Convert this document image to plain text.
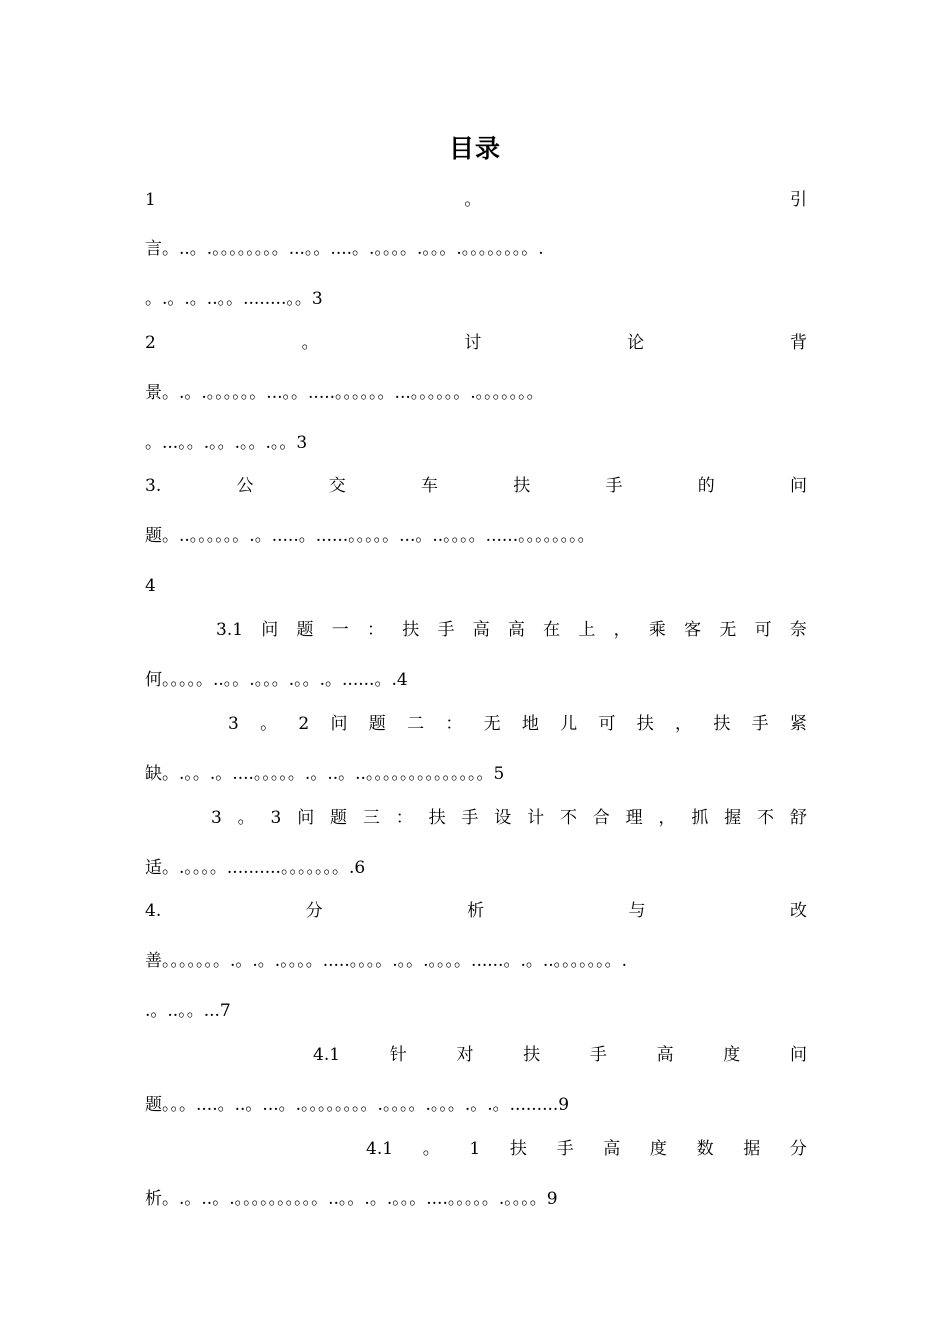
目录
1	。	引
言。..。.。。。。。。。。...。。....。.。。。。.。。。.。。。。。。。。.
。.。.。..。。........。。3
2	。	讨	论	背
景。.。.。。。。。。...。。.....。。。。。。...。。。。。。.。。。。。。。
。...。。.。。.。。.。。3
3.	公	交	车	扶	手	的	问
题。..。。。。。。.。.....。......。。。。。...。..。。。。......。。。。。。。。
4
3.1 问 题 一 ： 扶 手 高 高 在 上 ， 乘 客 无 可 奈
何。。。。。..。。.。。。.。。.。......。.4
3 。 2 问 题 二 ： 无 地 儿 可 扶 ， 扶 手 紧
缺。.。。.。....。。。。。.。..。..。。。。。。。。。。。。。。5
3 。 3 问 题 三 ： 扶 手 设 计 不 合 理 ， 抓 握 不 舒
适。.。。。。..........。。。。。。。.6
4.	分	析	与	改
善。。。。。。。.。.。.。。。。.....。。。。.。。.。。。。......。.。..。。。。。。。.
.。..。。...7
4.1	针	对	扶	手	高	度	问
题。。。....。..。...。.。。。。。。。。.。。。。.。。。.。.。.........9
4.1 。 1 扶 手 高 度 数 据 分
析。.。..。.。。。。。。。。。。..。。.。.。。。....。。。。。.。。。。9
